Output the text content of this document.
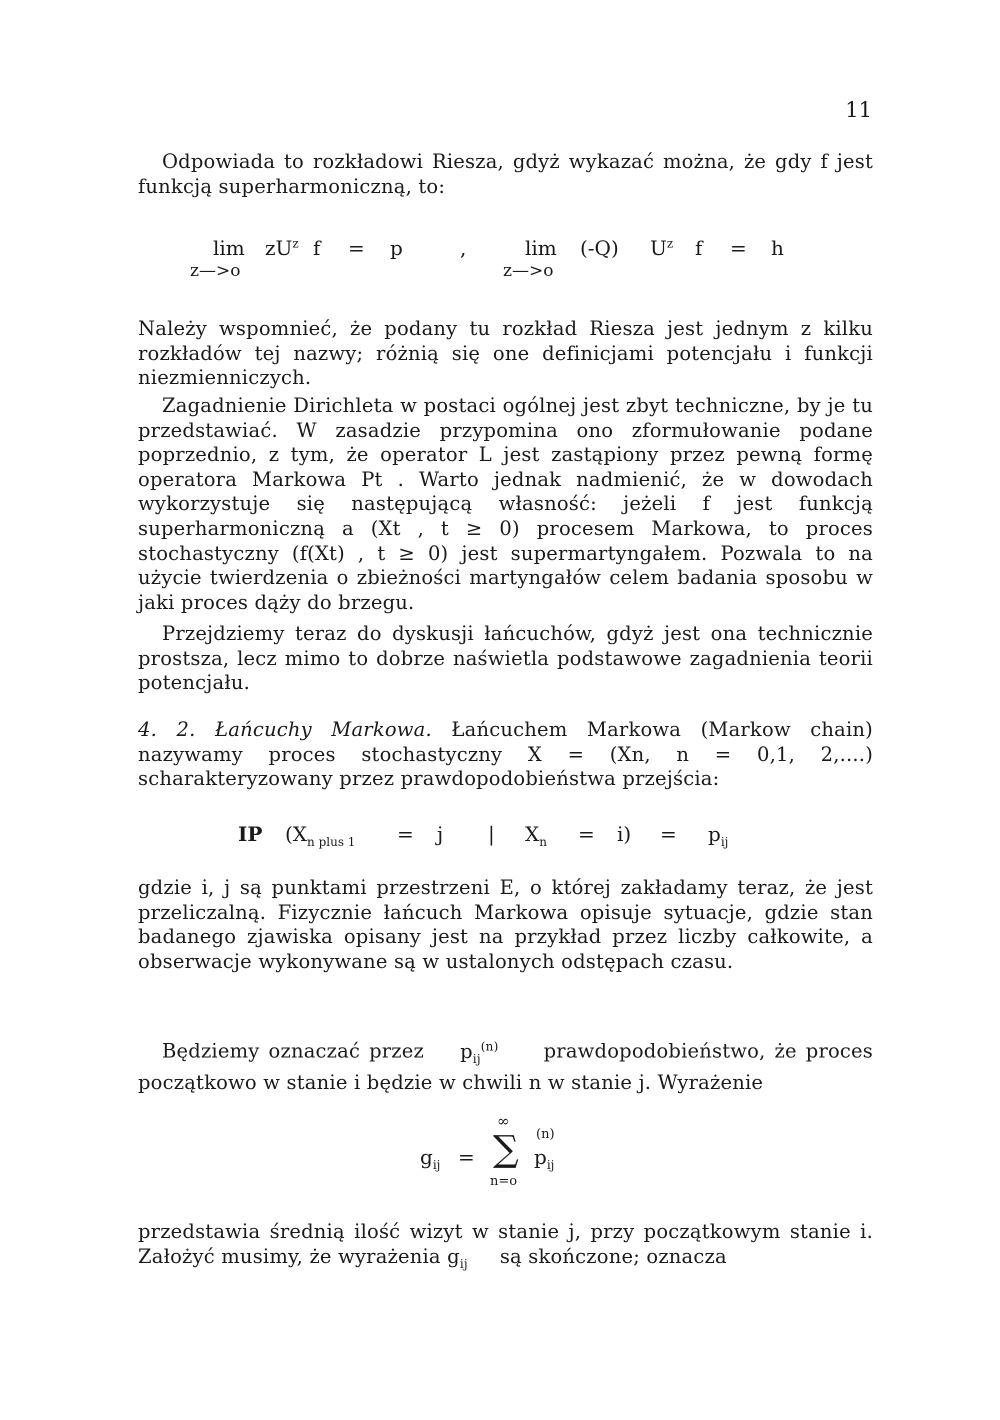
11

Odpowiada to rozkładowi Riesza, gdyż wykazać można, że gdy f jest funkcją superharmoniczną, to:

$\lim zU^z$ f = p
z—>o
,	lim (-Q) $U^z$ f = h
z—>o

Należy wspomnieć, że podany tu rozkład Riesza jest jednym z kilku rozkładów tej nazwy; różnią się one definicjami potencjału i funkcji niezmienniczych.

Zagadnienie Dirichleta w postaci ogólnej jest zbyt techniczne, by je tu przedstawiać. W zasadzie przypomina ono zformułowanie podane poprzednio, z tym, że operator L jest zastąpiony przez pewną formę operatora Markowa Pt . Warto jednak nadmienić, że w dowodach wykorzystuje się następującą własność: jeżeli f jest funkcją superharmoniczną a (Xt , t ≥ 0) procesem Markowa, to proces stochastyczny (f(Xt) , t ≥ 0) jest supermartyngałem. Pozwala to na użycie twierdzenia o zbieżności martyngałów celem badania sposobu w jaki proces dąży do brzegu.

Przejdziemy teraz do dyskusji łańcuchów, gdyż jest ona technicznie prostsza, lecz mimo to dobrze naświetla podstawowe zagadnienia teorii potencjału.

4. 2. Łańcuchy Markowa. Łańcuchem Markowa (Markow chain) nazywamy proces stochastyczny X = (Xn, n = 0,1, 2,....) scharakteryzowany przez prawdopodobieństwa przejścia:

IP ($X_{n plus 1} = j$ | $X_n = i) = p_{ij}$

gdzie i, j są punktami przestrzeni E, o której zakładamy teraz, że jest przeliczalną. Fizycznie łańcuch Markowa opisuje sytuacje, gdzie stan badanego zjawiska opisany jest na przykład przez liczby całkowite, a obserwacje wykonywane są w ustalonych odstępach czasu.

Będziemy oznaczać przez $p_{ij}^{(n)}$ prawdopodobieństwo, że proces początkowo w stanie i będzie w chwili n w stanie j. Wyrażenie

$g_{ij}$ =
∞
∑
n=o
(n)
$p_{ij}$

przedstawia średnią ilość wizyt w stanie j, przy początkowym stanie i. Założyć musimy, że wyrażenia $g_{ij}$ są skończone; oznacza
